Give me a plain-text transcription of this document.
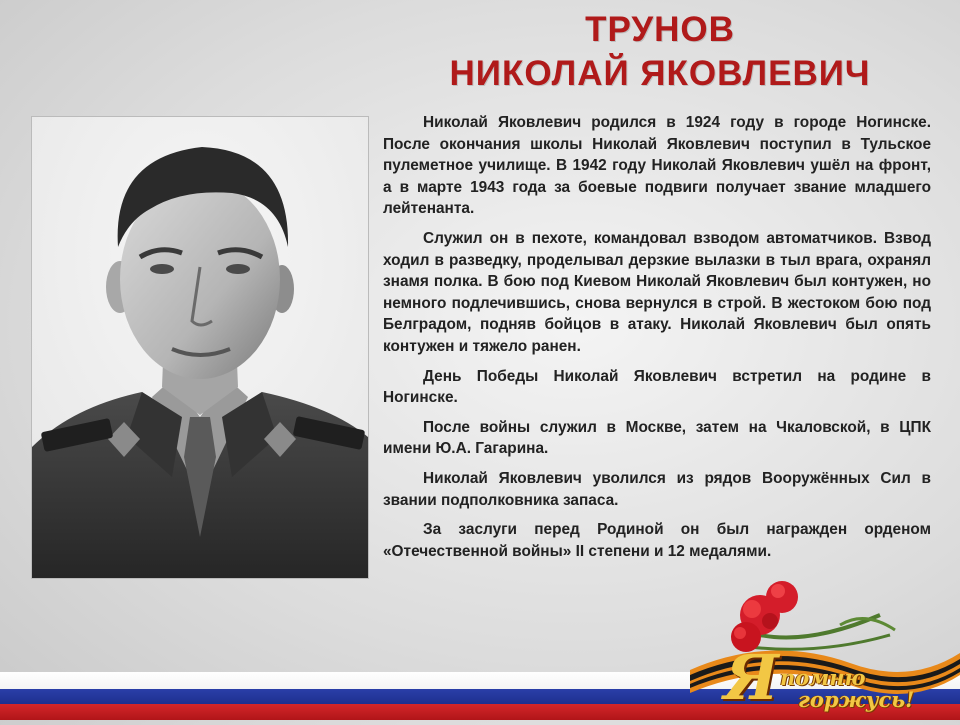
ТРУНОВ
НИКОЛАЙ ЯКОВЛЕВИЧ

Николай Яковлевич родился в 1924 году в городе Ногинске. После окончания школы Николай Яковлевич поступил в Тульское пулеметное училище. В 1942 году Николай Яковлевич ушёл на фронт, а в марте 1943 года за боевые подвиги получает звание младшего лейтенанта.

Служил он в пехоте, командовал взводом автоматчиков. Взвод ходил в разведку, проделывал дерзкие вылазки в тыл врага, охранял знамя полка. В бою под Киевом Николай Яковлевич был контужен, но немного подлечившись, снова вернулся в строй. В жестоком бою под Белградом, подняв бойцов в атаку. Николай Яковлевич был опять контужен и тяжело ранен.

День Победы Николай Яковлевич встретил на родине в Ногинске.

После войны служил в Москве, затем на Чкаловской, в ЦПК имени Ю.А. Гагарина.

Николай Яковлевич уволился из рядов Вооружённых Сил в звании подполковника запаса.

За заслуги перед Родиной он был награжден орденом «Отечественной войны» II степени и 12 медалями.

Я помню
горжусь!
